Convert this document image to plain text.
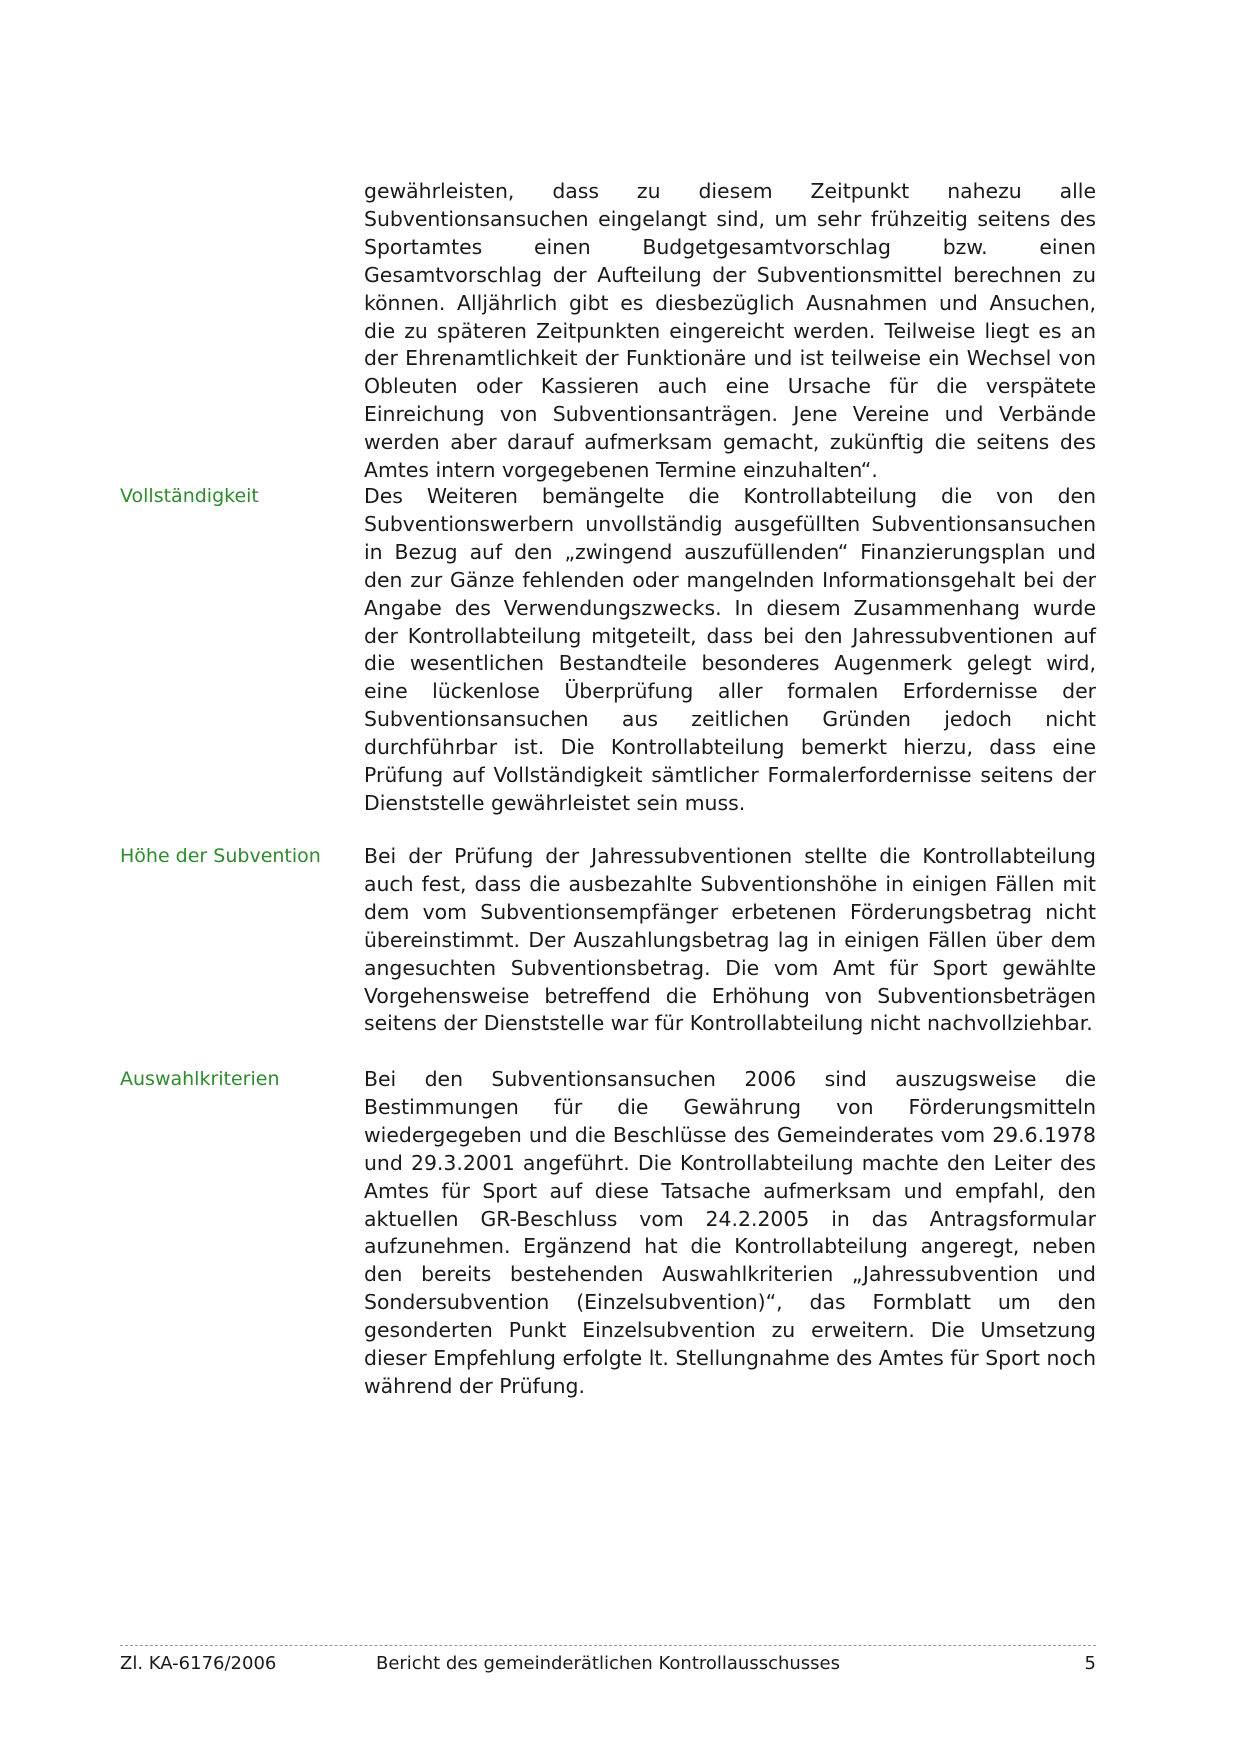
gewährleisten, dass zu diesem Zeitpunkt nahezu alle Subventionsansuchen eingelangt sind, um sehr frühzeitig seitens des Sportamtes einen Budgetgesamtvorschlag bzw. einen Gesamtvorschlag der Aufteilung der Subventionsmittel berechnen zu können. Alljährlich gibt es diesbezüglich Ausnahmen und Ansuchen, die zu späteren Zeitpunkten eingereicht werden. Teilweise liegt es an der Ehrenamtlichkeit der Funktionäre und ist teilweise ein Wechsel von Obleuten oder Kassieren auch eine Ursache für die verspätete Einreichung von Subventionsanträgen. Jene Vereine und Verbände werden aber darauf aufmerksam gemacht, zukünftig die seitens des Amtes intern vorgegebenen Termine einzuhalten“.

Vollständigkeit	Des Weiteren bemängelte die Kontrollabteilung die von den Subventionswerbern unvollständig ausgefüllten Subventionsansuchen in Bezug auf den „zwingend auszufüllenden“ Finanzierungsplan und den zur Gänze fehlenden oder mangelnden Informationsgehalt bei der Angabe des Verwendungszwecks. In diesem Zusammenhang wurde der Kontrollabteilung mitgeteilt, dass bei den Jahressubventionen auf die wesentlichen Bestandteile besonderes Augenmerk gelegt wird, eine lückenlose Überprüfung aller formalen Erfordernisse der Subventionsansuchen aus zeitlichen Gründen jedoch nicht durchführbar ist. Die Kontrollabteilung bemerkt hierzu, dass eine Prüfung auf Vollständigkeit sämtlicher Formalerfordernisse seitens der Dienststelle gewährleistet sein muss.

Höhe der Subvention	Bei der Prüfung der Jahressubventionen stellte die Kontrollabteilung auch fest, dass die ausbezahlte Subventionshöhe in einigen Fällen mit dem vom Subventionsempfänger erbetenen Förderungsbetrag nicht übereinstimmt. Der Auszahlungsbetrag lag in einigen Fällen über dem angesuchten Subventionsbetrag. Die vom Amt für Sport gewählte Vorgehensweise betreffend die Erhöhung von Subventionsbeträgen seitens der Dienststelle war für Kontrollabteilung nicht nachvollziehbar.

Auswahlkriterien	Bei den Subventionsansuchen 2006 sind auszugsweise die Bestimmungen für die Gewährung von Förderungsmitteln wiedergegeben und die Beschlüsse des Gemeinderates vom 29.6.1978 und 29.3.2001 angeführt. Die Kontrollabteilung machte den Leiter des Amtes für Sport auf diese Tatsache aufmerksam und empfahl, den aktuellen GR-Beschluss vom 24.2.2005 in das Antragsformular aufzunehmen. Ergänzend hat die Kontrollabteilung angeregt, neben den bereits bestehenden Auswahlkriterien „Jahressubvention und Sondersubvention (Einzelsubvention)“, das Formblatt um den gesonderten Punkt Einzelsubvention zu erweitern. Die Umsetzung dieser Empfehlung erfolgte lt. Stellungnahme des Amtes für Sport noch während der Prüfung.

Zl. KA-6176/2006	Bericht des gemeinderätlichen Kontrollausschusses	5
